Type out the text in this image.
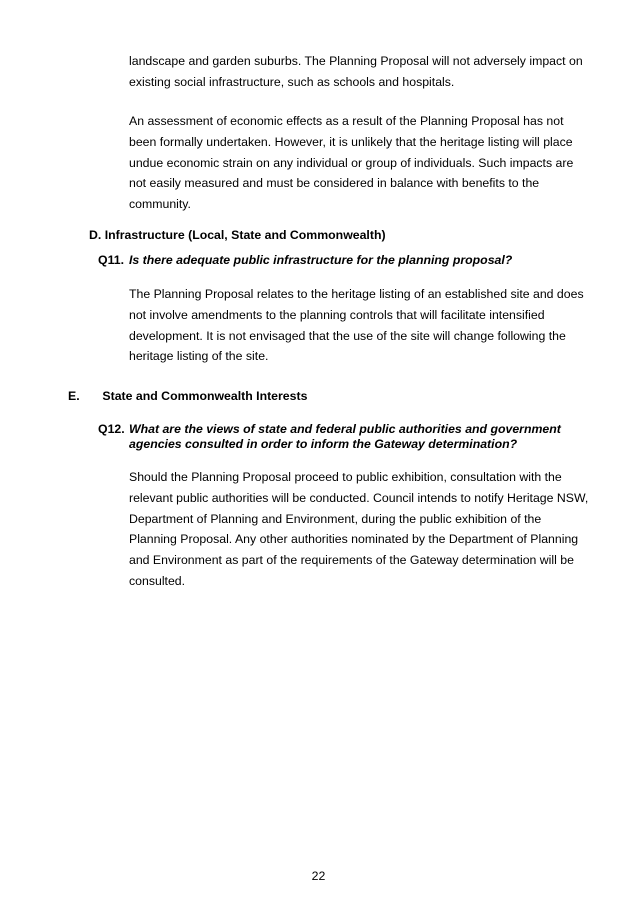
landscape and garden suburbs. The Planning Proposal will not adversely impact on existing social infrastructure, such as schools and hospitals.

An assessment of economic effects as a result of the Planning Proposal has not been formally undertaken. However, it is unlikely that the heritage listing will place undue economic strain on any individual or group of individuals. Such impacts are not easily measured and must be considered in balance with benefits to the community.

D. Infrastructure (Local, State and Commonwealth)
Q11. Is there adequate public infrastructure for the planning proposal?

The Planning Proposal relates to the heritage listing of an established site and does not involve amendments to the planning controls that will facilitate intensified development. It is not envisaged that the use of the site will change following the heritage listing of the site.

E. State and Commonwealth Interests
Q12. What are the views of state and federal public authorities and government agencies consulted in order to inform the Gateway determination?

Should the Planning Proposal proceed to public exhibition, consultation with the relevant public authorities will be conducted. Council intends to notify Heritage NSW, Department of Planning and Environment, during the public exhibition of the Planning Proposal. Any other authorities nominated by the Department of Planning and Environment as part of the requirements of the Gateway determination will be consulted.

22
